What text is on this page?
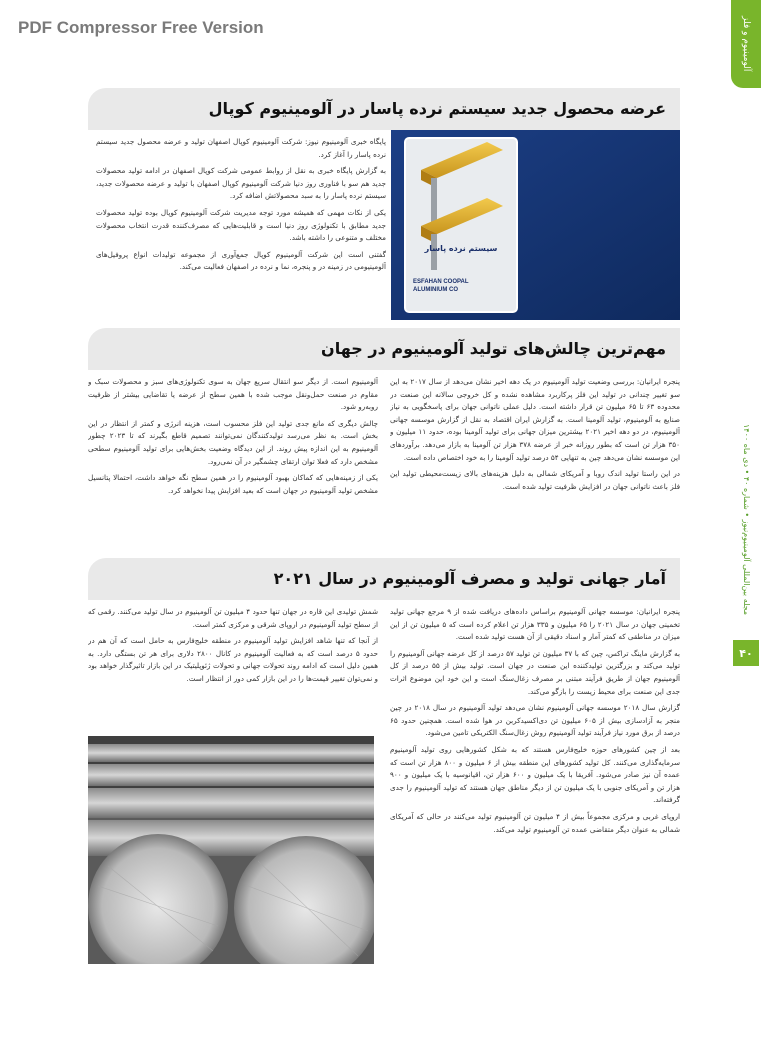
PDF Compressor Free Version	آلومینیوم و فلز
مجله بین‌المللی آلومینیوم‌نیوز • شماره ۴۰ • دی ماه ۱۴۰۰
۴۰
عرضه محصول جدید سیستم نرده پاسار در آلومینیوم کوپال

پایگاه خبری آلومینیوم نیوز: شرکت آلومینیوم کوپال اصفهان تولید و عرضه محصول جدید سیستم نرده پاسار را آغاز کرد.

به گزارش پایگاه خبری به نقل از روابط عمومی شرکت کوپال اصفهان در ادامه تولید محصولات جدید هم سو با فناوری روز دنیا شرکت آلومینیوم کوپال اصفهان با تولید و عرضه محصولات جدید، سیستم نرده پاسار را به سبد محصولاتش اضافه کرد.

یکی از نکات مهمی که همیشه مورد توجه مدیریت شرکت آلومینیوم کوپال بوده تولید محصولات جدید مطابق با تکنولوژی روز دنیا است و قابلیت‌هایی که مصرف‌کننده قدرت انتخاب محصولات مختلف و متنوعی را داشته باشد.

گفتنی است این شرکت آلومینیوم کوپال جمع‌آوری از مجموعه تولیدات انواع پروفیل‌های آلومینیومی در زمینه در و پنجره، نما و نرده در اصفهان فعالیت می‌کند.

سیستم نرده پاسار
ESFAHAN COOPAL ALUMINIUM CO
مهم‌ترین چالش‌های تولید آلومینیوم در جهان

پنجره ایرانیان: بررسی وضعیت تولید آلومینیوم در یک دهه اخیر نشان می‌دهد از سال ۲۰۱۷ به این سو تغییر چندانی در تولید این فلز پرکاربرد مشاهده نشده و کل خروجی سالانه این صنعت در محدوده ۶۳ تا ۶۵ میلیون تن قرار داشته است. دلیل عملی ناتوانی جهان برای پاسخگویی به نیاز صنایع به آلومینیوم، تولید آلومینا است. به گزارش ایران اقتصاد به نقل از گزارش موسسه جهانی آلومینیوم، در دو دهه اخیر ۲۰۲۱ بیشترین میزان جهانی برای تولید آلومینا بوده، حدود ۱۱ میلیون و ۳۵۰ هزار تن است که بطور روزانه خبر از عرضه ۳۷۸ هزار تن آلومینا به بازار می‌دهد. برآوردهای این موسسه نشان می‌دهد چین به تنهایی ۵۴ درصد تولید آلومینا را به خود اختصاص داده است.

در این راستا تولید اندک روبا و آمریکای شمالی به دلیل هزینه‌های بالای زیست‌محیطی تولید این فلز باعث ناتوانی جهان در افزایش ظرفیت تولید شده است.

آلومینیوم است. از دیگر سو انتقال سریع جهان به سوی تکنولوژی‌های سبز و محصولات سبک و مقاوم در صنعت حمل‌ونقل موجب شده با همین سطح از عرضه یا تقاضایی بیشتر از ظرفیت روبه‌رو شود.

چالش دیگری که مانع جدی تولید این فلز محسوب است، هزینه انرژی و کمتر از انتظار در این بخش است. به نظر می‌رسد تولیدکنندگان نمی‌توانند تصمیم قاطع بگیرند که تا ۲۰۲۳ چطور آلومینیوم به این اندازه پیش روند. از این دیدگاه وضعیت بخش‌هایی برای تولید آلومینیوم سطحی مشخص دارد که فعلا توان ارتقای چشمگیر در آن نمی‌رود.

یکی از زمینه‌هایی که کماکان بهبود آلومینیوم را در همین سطح نگه خواهد داشت، احتمالا پتانسیل مشخص تولید آلومینیوم در جهان است که بعید افزایش پیدا نخواهد کرد.

آمار جهانی تولید و مصرف آلومینیوم در سال ۲۰۲۱

پنجره ایرانیان: موسسه جهانی آلومینیوم براساس داده‌های دریافت شده از ۹ مرجع جهانی تولید تخمینی جهان در سال ۲۰۲۱ را ۶۵ میلیون و ۳۳۵ هزار تن اعلام کرده است که ۵ میلیون تن از این میزان در مناطقی که کمتر آمار و اسناد دقیقی از آن هست تولید شده است.

به گزارش ماینگ تراکس، چین که با ۳۷ میلیون تن تولید ۵۷ درصد از کل عرضه جهانی آلومینیوم را تولید می‌کند و بزرگترین تولیدکننده این صنعت در جهان است. تولید بیش از ۵۵ درصد از کل آلومینیوم جهان از طریق فرآیند مبتنی بر مصرف زغال‌سنگ است و این خود این موضوع اثرات جدی این صنعت برای محیط زیست را بازگو می‌کند.

گزارش سال ۲۰۱۸ موسسه جهانی آلومینیوم نشان می‌دهد تولید آلومینیوم در سال ۲۰۱۸ در چین منجر به آزادسازی بیش از ۶۰۵ میلیون تن دی‌اکسیدکربن در هوا شده است. همچنین حدود ۶۵ درصد از برق مورد نیاز فرآیند تولید آلومینیوم روش زغال‌سنگ الکتریکی تامین می‌شود.

بعد از چین کشورهای حوزه خلیج‌فارس هستند که به شکل کشورهایی روی تولید آلومینیوم سرمایه‌گذاری می‌کنند. کل تولید کشورهای این منطقه بیش از ۶ میلیون و ۸۰۰ هزار تن است که عمده آن نیز صادر می‌شود. آفریقا با یک میلیون و ۶۰۰ هزار تن، اقیانوسیه با یک میلیون و ۹۰۰ هزار تن و آمریکای جنوبی با یک میلیون تن از دیگر مناطق جهان هستند که تولید آلومینیوم را جدی گرفته‌اند.

اروپای غربی و مرکزی مجموعاً بیش از ۴ میلیون تن آلومینیوم تولید می‌کنند در حالی که آمریکای شمالی به عنوان دیگر متقاضی عمده تن آلومینیوم تولید می‌کند.

شمش تولیدی این قاره در جهان تنها حدود ۴ میلیون تن آلومینیوم در سال تولید می‌کنند. رقمی که از سطح تولید آلومینیوم در اروپای شرقی و مرکزی کمتر است.

از آنجا که تنها شاهد افزایش تولید آلومینیوم در منطقه خلیج‌فارس به حامل است که آن هم در حدود ۵ درصد است که به فعالیت آلومینیوم در کانال ۲۸۰۰ دلاری برای هر تن بستگی دارد. به همین دلیل است که ادامه روند تحولات جهانی و تحولات ژئوپلیتیک در این بازار تاثیرگذار خواهد بود و نمی‌توان تغییر قیمت‌ها را در این بازار کمی دور از انتظار است.
